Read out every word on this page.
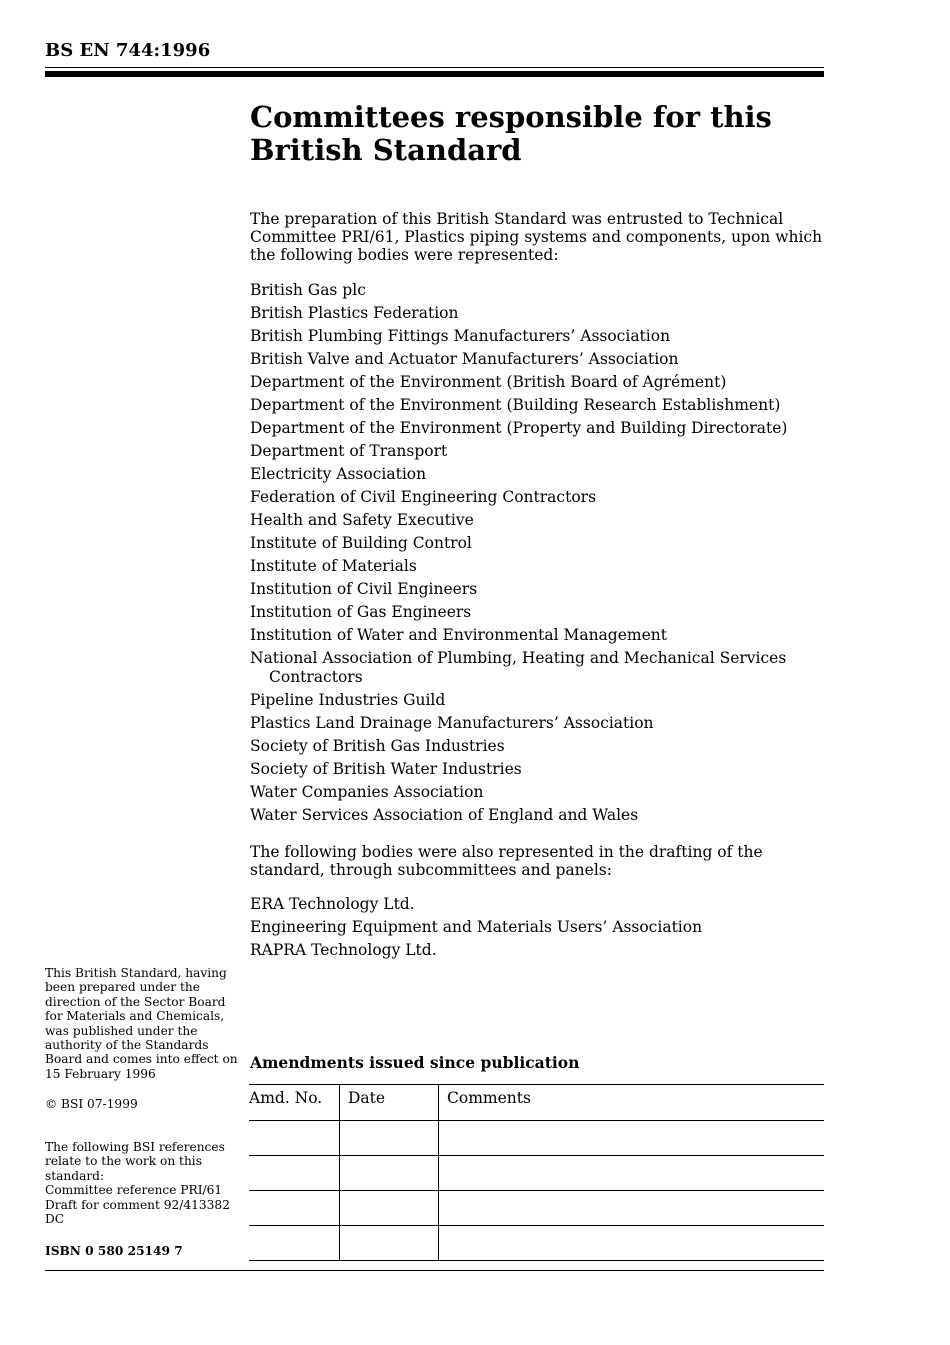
BS EN 744:1996
Committees responsible for this British Standard
The preparation of this British Standard was entrusted to Technical Committee PRI/61, Plastics piping systems and components, upon which the following bodies were represented:
British Gas plc
British Plastics Federation
British Plumbing Fittings Manufacturers’ Association
British Valve and Actuator Manufacturers’ Association
Department of the Environment (British Board of Agrément)
Department of the Environment (Building Research Establishment)
Department of the Environment (Property and Building Directorate)
Department of Transport
Electricity Association
Federation of Civil Engineering Contractors
Health and Safety Executive
Institute of Building Control
Institute of Materials
Institution of Civil Engineers
Institution of Gas Engineers
Institution of Water and Environmental Management
National Association of Plumbing, Heating and Mechanical Services Contractors
Pipeline Industries Guild
Plastics Land Drainage Manufacturers’ Association
Society of British Gas Industries
Society of British Water Industries
Water Companies Association
Water Services Association of England and Wales
The following bodies were also represented in the drafting of the standard, through subcommittees and panels:
ERA Technology Ltd.
Engineering Equipment and Materials Users’ Association
RAPRA Technology Ltd.
This British Standard, having been prepared under the direction of the Sector Board for Materials and Chemicals, was published under the authority of the Standards Board and comes into effect on 15 February 1996
© BSI 07-1999
The following BSI references relate to the work on this standard:
Committee reference PRI/61
Draft for comment 92/413382 DC
ISBN 0 580 25149 7
Amendments issued since publication
Amd. No.	Date	Comments
